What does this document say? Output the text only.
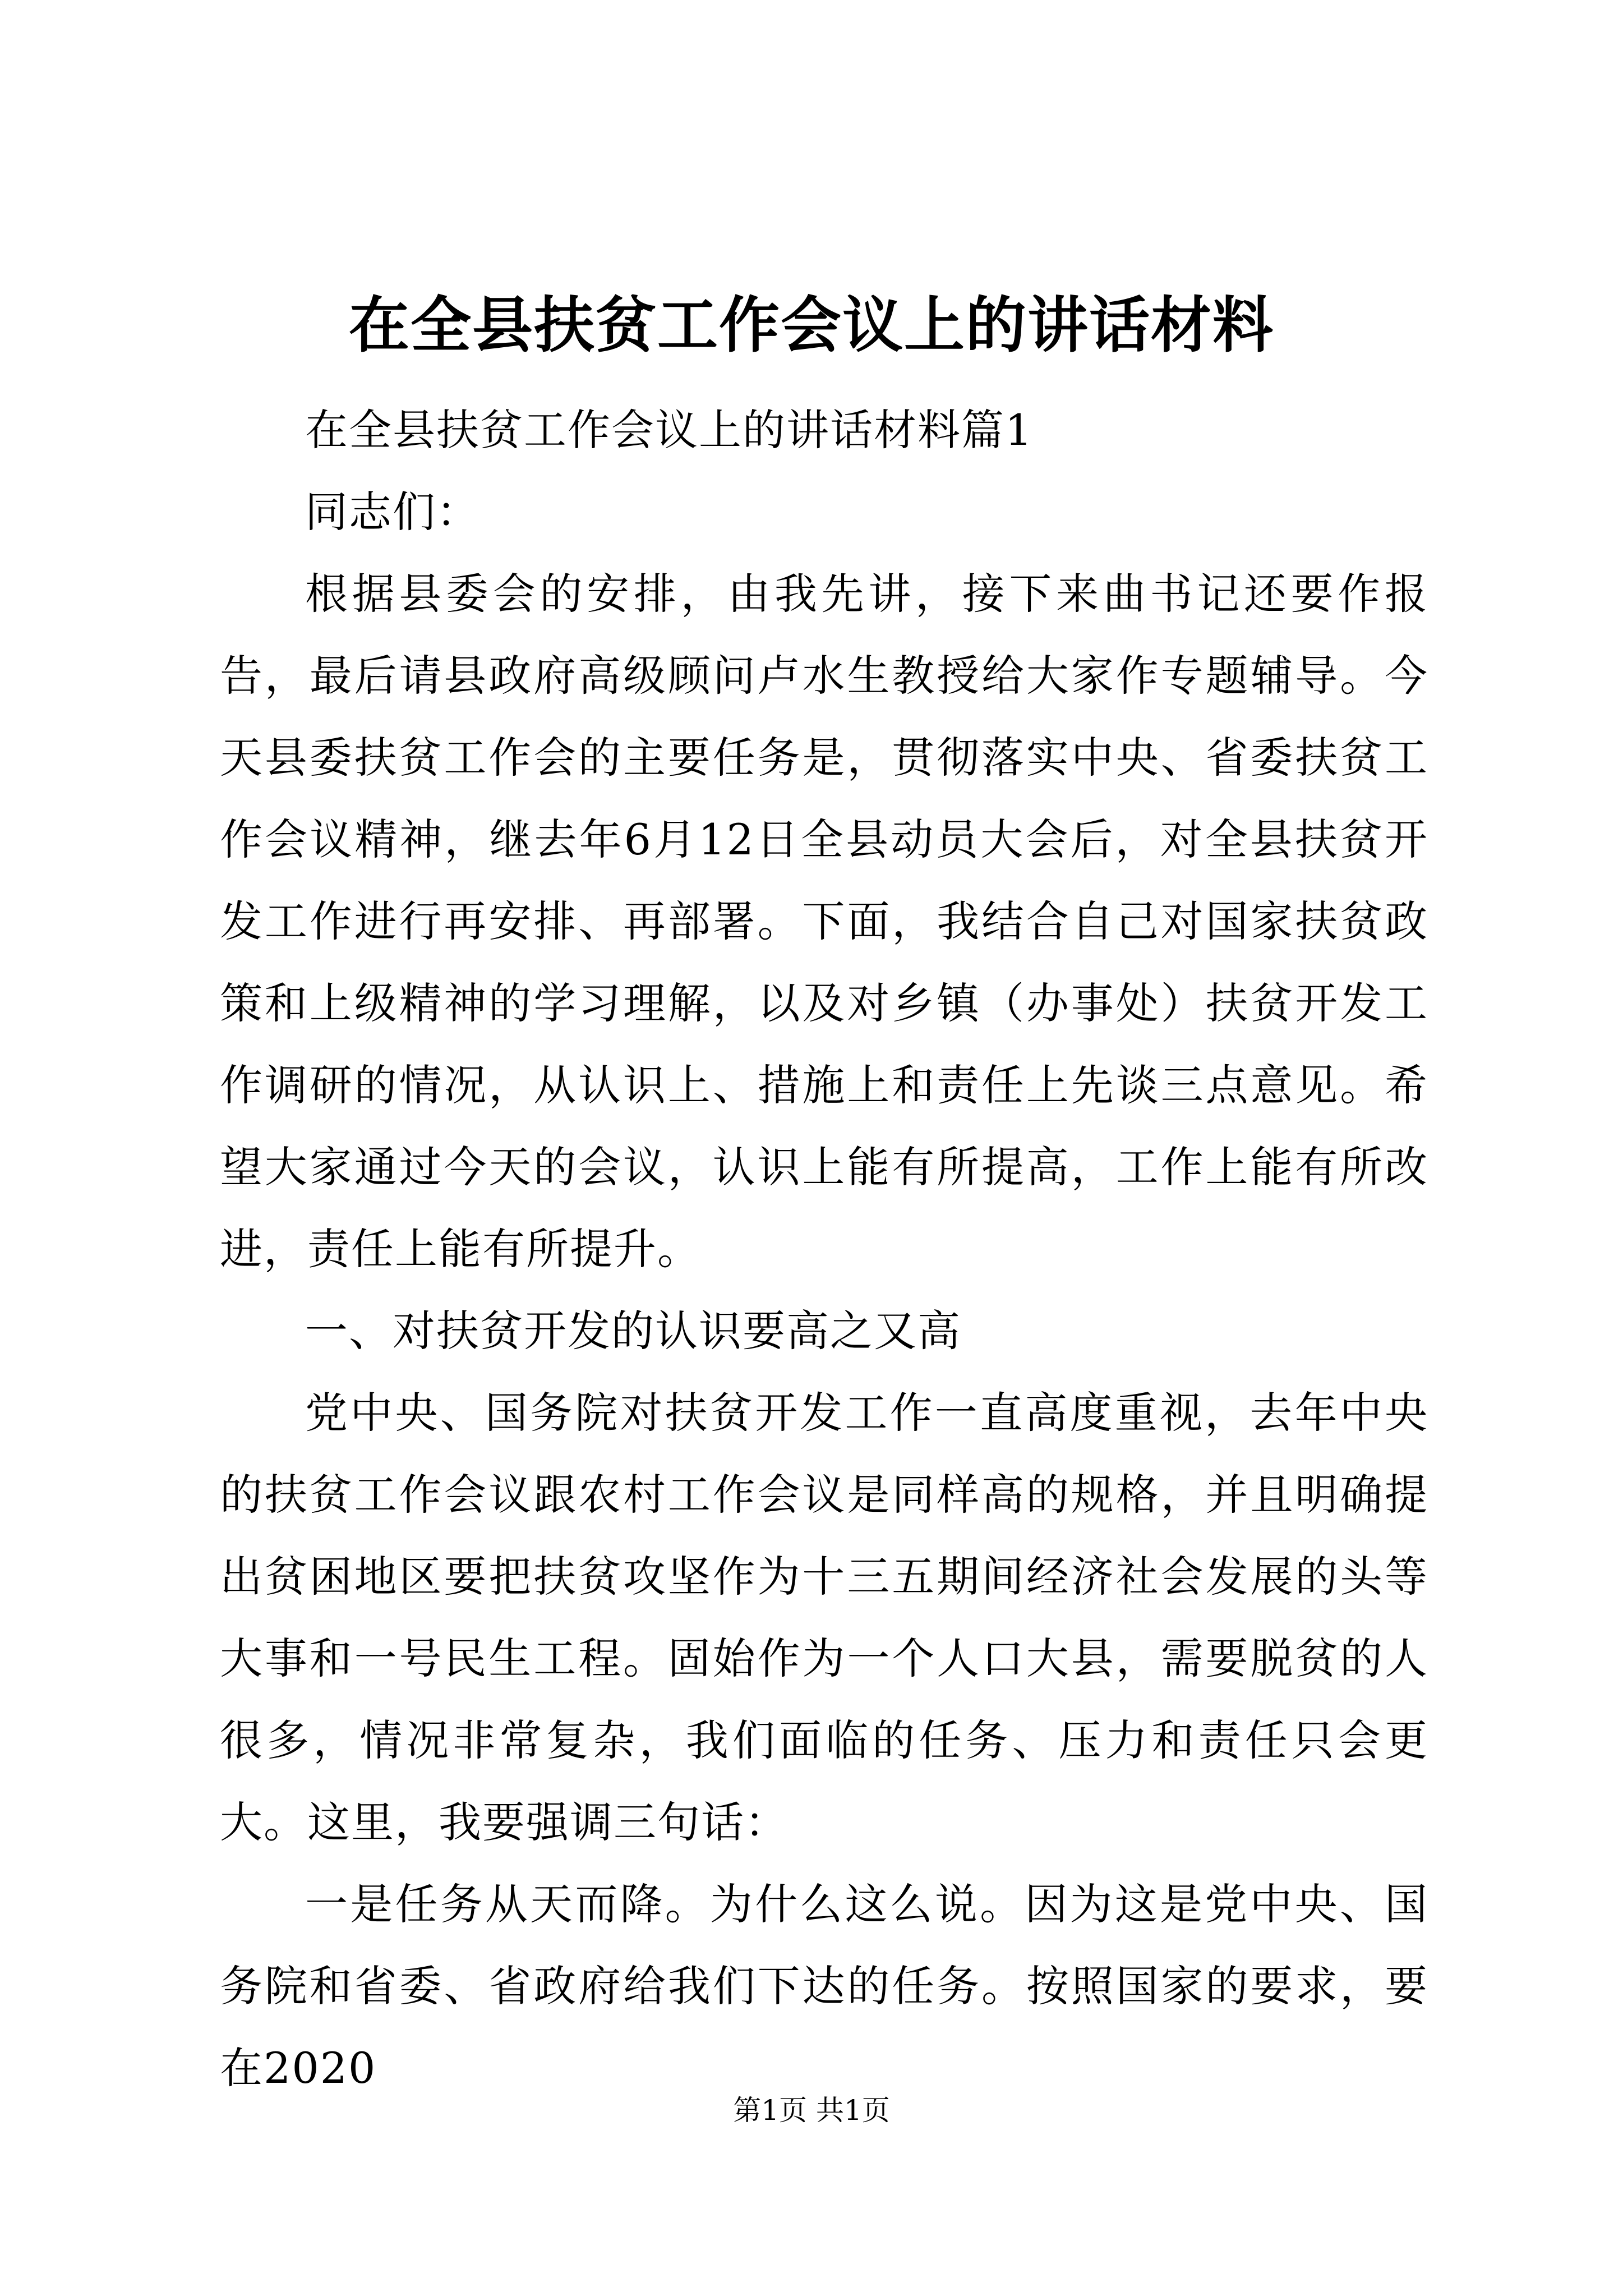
在全县扶贫工作会议上的讲话材料

在全县扶贫工作会议上的讲话材料篇1

同志们：

根据县委会的安排，由我先讲，接下来曲书记还要作报告，最后请县政府高级顾问卢水生教授给大家作专题辅导。今天县委扶贫工作会的主要任务是，贯彻落实中央、省委扶贫工作会议精神，继去年6月12日全县动员大会后，对全县扶贫开发工作进行再安排、再部署。下面，我结合自己对国家扶贫政策和上级精神的学习理解，以及对乡镇（办事处）扶贫开发工作调研的情况，从认识上、措施上和责任上先谈三点意见。希望大家通过今天的会议，认识上能有所提高，工作上能有所改进，责任上能有所提升。

一、对扶贫开发的认识要高之又高

党中央、国务院对扶贫开发工作一直高度重视，去年中央的扶贫工作会议跟农村工作会议是同样高的规格，并且明确提出贫困地区要把扶贫攻坚作为十三五期间经济社会发展的头等大事和一号民生工程。固始作为一个人口大县，需要脱贫的人很多，情况非常复杂，我们面临的任务、压力和责任只会更大。这里，我要强调三句话：

一是任务从天而降。为什么这么说。因为这是党中央、国务院和省委、省政府给我们下达的任务。按照国家的要求，要在2020

第1页 共1页
